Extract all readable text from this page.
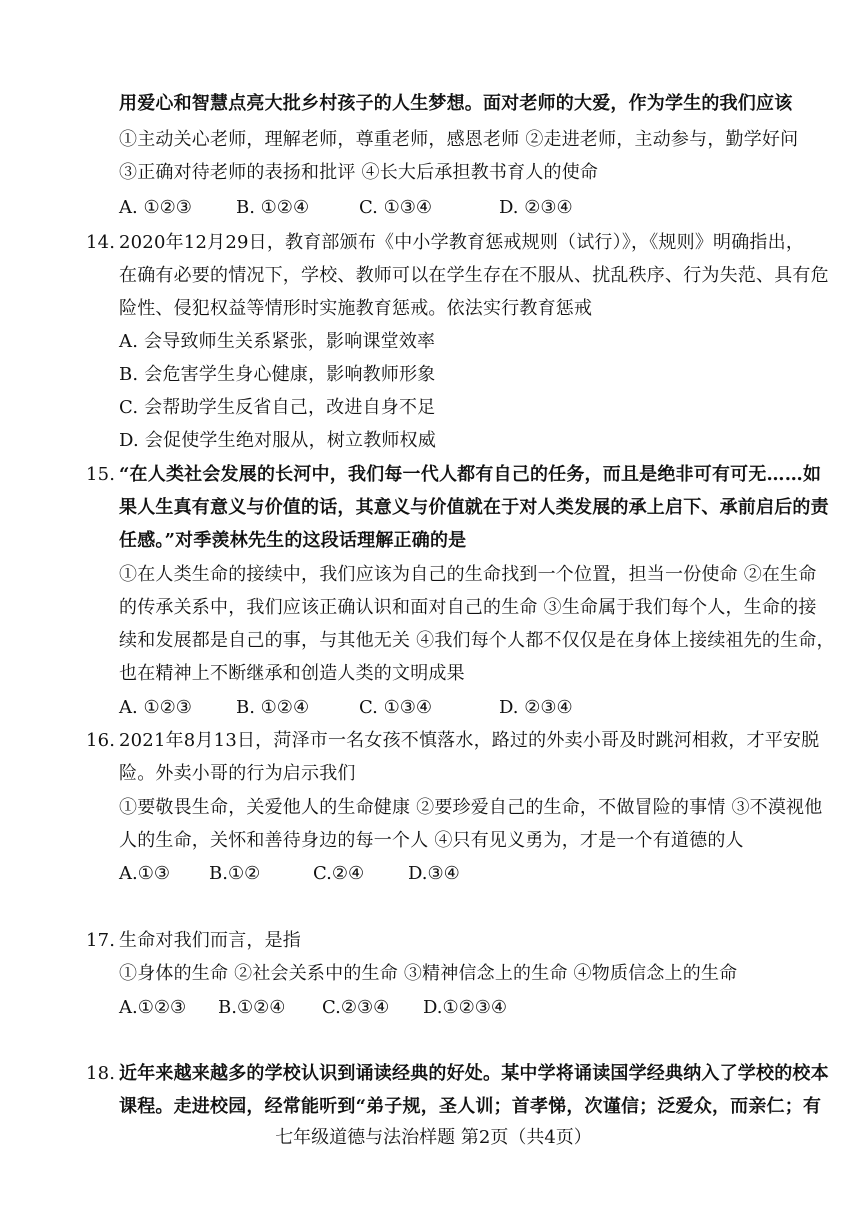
用爱心和智慧点亮大批乡村孩子的人生梦想。面对老师的大爱，作为学生的我们应该
①主动关心老师，理解老师，尊重老师，感恩老师 ②走进老师，主动参与，勤学好问
③正确对待老师的表扬和批评 ④长大后承担教书育人的使命
A. ①②③ B. ①②④	C. ①③④	D. ②③④
14. 2020年12月29日，教育部颁布《中小学教育惩戒规则（试行）》，《规则》明确指出，
在确有必要的情况下，学校、教师可以在学生存在不服从、扰乱秩序、行为失范、具有危
险性、侵犯权益等情形时实施教育惩戒。依法实行教育惩戒
A. 会导致师生关系紧张，影响课堂效率
B. 会危害学生身心健康，影响教师形象
C. 会帮助学生反省自己，改进自身不足
D. 会促使学生绝对服从，树立教师权威
15. “在人类社会发展的长河中，我们每一代人都有自己的任务，而且是绝非可有可无……如
果人生真有意义与价值的话，其意义与价值就在于对人类发展的承上启下、承前启后的责
任感。”对季羡林先生的这段话理解正确的是
①在人类生命的接续中，我们应该为自己的生命找到一个位置，担当一份使命 ②在生命
的传承关系中，我们应该正确认识和面对自己的生命 ③生命属于我们每个人，生命的接
续和发展都是自己的事，与其他无关 ④我们每个人都不仅仅是在身体上接续祖先的生命，
也在精神上不断继承和创造人类的文明成果
A. ①②③ B. ①②④	C. ①③④	D. ②③④
16. 2021年8月13日，菏泽市一名女孩不慎落水，路过的外卖小哥及时跳河相救，才平安脱
险。外卖小哥的行为启示我们
①要敬畏生命，关爱他人的生命健康 ②要珍爱自己的生命，不做冒险的事情 ③不漠视他
人的生命，关怀和善待身边的每一个人 ④只有见义勇为，才是一个有道德的人
A.①③ B.①②	C.②④ D.③④
17. 生命对我们而言，是指
①身体的生命 ②社会关系中的生命 ③精神信念上的生命 ④物质信念上的生命
A.①②③ B.①②④ C.②③④ D.①②③④
18. 近年来越来越多的学校认识到诵读经典的好处。某中学将诵读国学经典纳入了学校的校本
课程。走进校园，经常能听到“弟子规，圣人训；首孝悌，次谨信；泛爱众，而亲仁；有
七年级道德与法治样题 第2页（共4页）
